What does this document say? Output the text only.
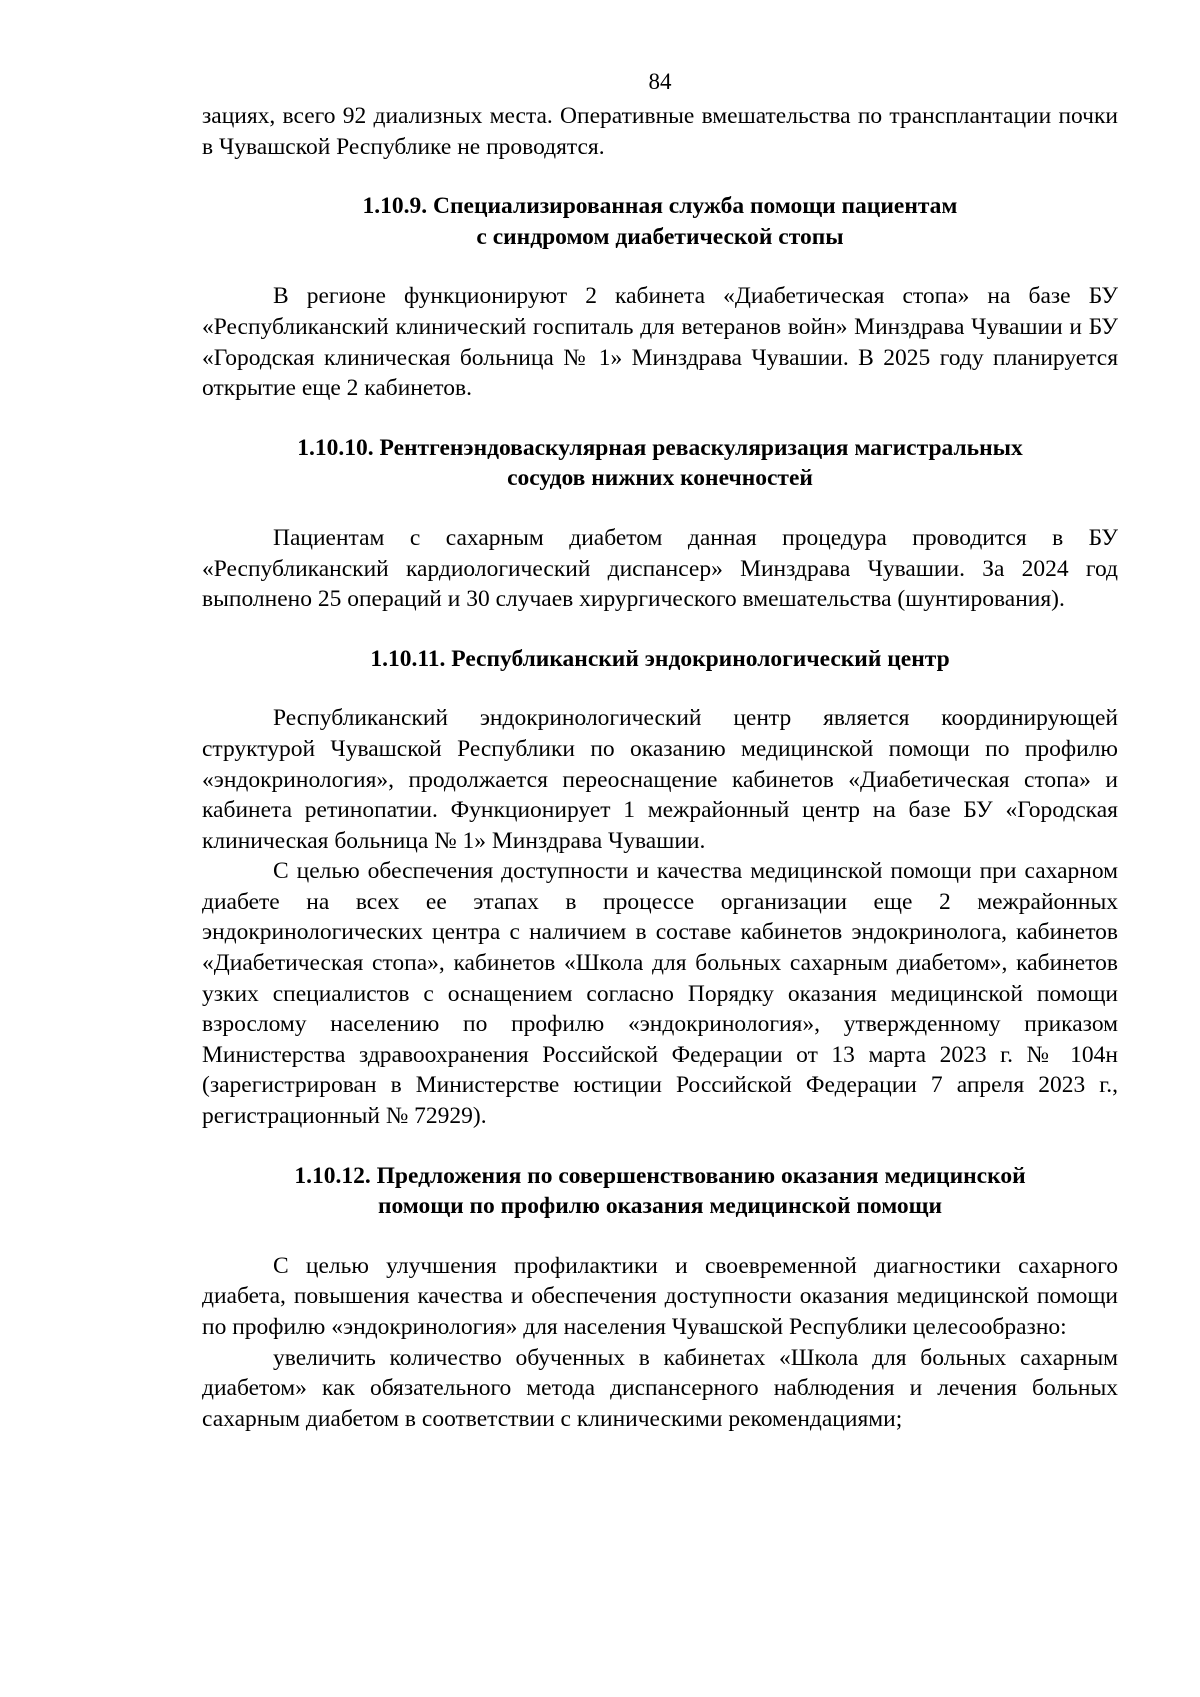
84

зациях, всего 92 диализных места. Оперативные вмешательства по трансплантации почки в Чувашской Республике не проводятся.

1.10.9. Специализированная служба помощи пациентам
с синдромом диабетической стопы

В регионе функционируют 2 кабинета «Диабетическая стопа» на базе БУ «Республиканский клинический госпиталь для ветеранов войн» Минздрава Чувашии и БУ «Городская клиническая больница № 1» Минздрава Чувашии. В 2025 году планируется открытие еще 2 кабинетов.

1.10.10. Рентгенэндоваскулярная реваскуляризация магистральных
сосудов нижних конечностей

Пациентам с сахарным диабетом данная процедура проводится в БУ «Республиканский кардиологический диспансер» Минздрава Чувашии. За 2024 год выполнено 25 операций и 30 случаев хирургического вмешательства (шунтирования).

1.10.11. Республиканский эндокринологический центр

Республиканский эндокринологический центр является координирующей структурой Чувашской Республики по оказанию медицинской помощи по профилю «эндокринология», продолжается переоснащение кабинетов «Диабетическая стопа» и кабинета ретинопатии. Функционирует 1 межрайонный центр на базе БУ «Городская клиническая больница № 1» Минздрава Чувашии.

С целью обеспечения доступности и качества медицинской помощи при сахарном диабете на всех ее этапах в процессе организации еще 2 межрайонных эндокринологических центра с наличием в составе кабинетов эндокринолога, кабинетов «Диабетическая стопа», кабинетов «Школа для больных сахарным диабетом», кабинетов узких специалистов с оснащением согласно Порядку оказания медицинской помощи взрослому населению по профилю «эндокринология», утвержденному приказом Министерства здравоохранения Российской Федерации от 13 марта 2023 г. № 104н (зарегистрирован в Министерстве юстиции Российской Федерации 7 апреля 2023 г., регистрационный № 72929).

1.10.12. Предложения по совершенствованию оказания медицинской
помощи по профилю оказания медицинской помощи

С целью улучшения профилактики и своевременной диагностики сахарного диабета, повышения качества и обеспечения доступности оказания медицинской помощи по профилю «эндокринология» для населения Чувашской Республики целесообразно:

увеличить количество обученных в кабинетах «Школа для больных сахарным диабетом» как обязательного метода диспансерного наблюдения и лечения больных сахарным диабетом в соответствии с клиническими рекомендациями;
